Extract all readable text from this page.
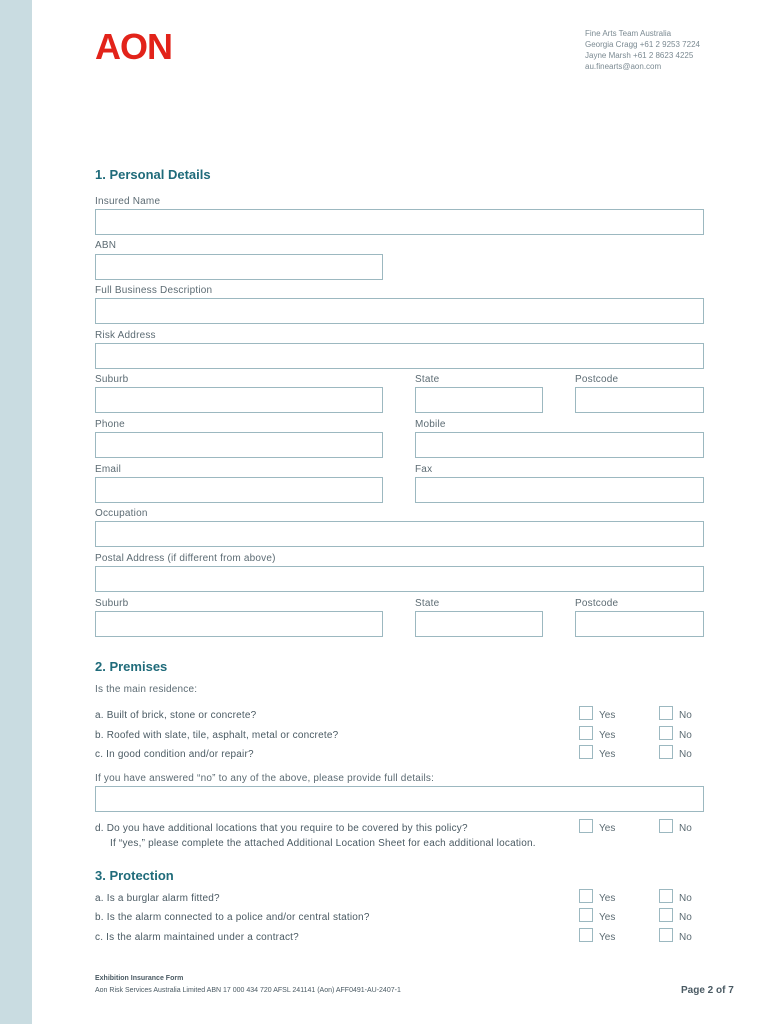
AON	Fine Arts Team Australia
Georgia Cragg +61 2 9253 7224
Jayne Marsh +61 2 8623 4225
au.finearts@aon.com
1. Personal Details
Insured Name
ABN
Full Business Description
Risk Address
Suburb	State	Postcode
Phone	Mobile
Email	Fax
Occupation
Postal Address (if different from above)
Suburb	State	Postcode
2. Premises
Is the main residence:
a. Built of brick, stone or concrete?	Yes	No
b. Roofed with slate, tile, asphalt, metal or concrete?	Yes	No
c. In good condition and/or repair?	Yes	No
If you have answered “no” to any of the above, please provide full details:
d. Do you have additional locations that you require to be covered by this policy?
If “yes,” please complete the attached Additional Location Sheet for each additional location.
Yes	No
3. Protection
a. Is a burglar alarm fitted?	Yes	No
b. Is the alarm connected to a police and/or central station?	Yes	No
c. Is the alarm maintained under a contract?	Yes	No
Exhibition Insurance Form
Aon Risk Services Australia Limited ABN 17 000 434 720 AFSL 241141 (Aon) AFF0491-AU-2407-1	Page 2 of 7
